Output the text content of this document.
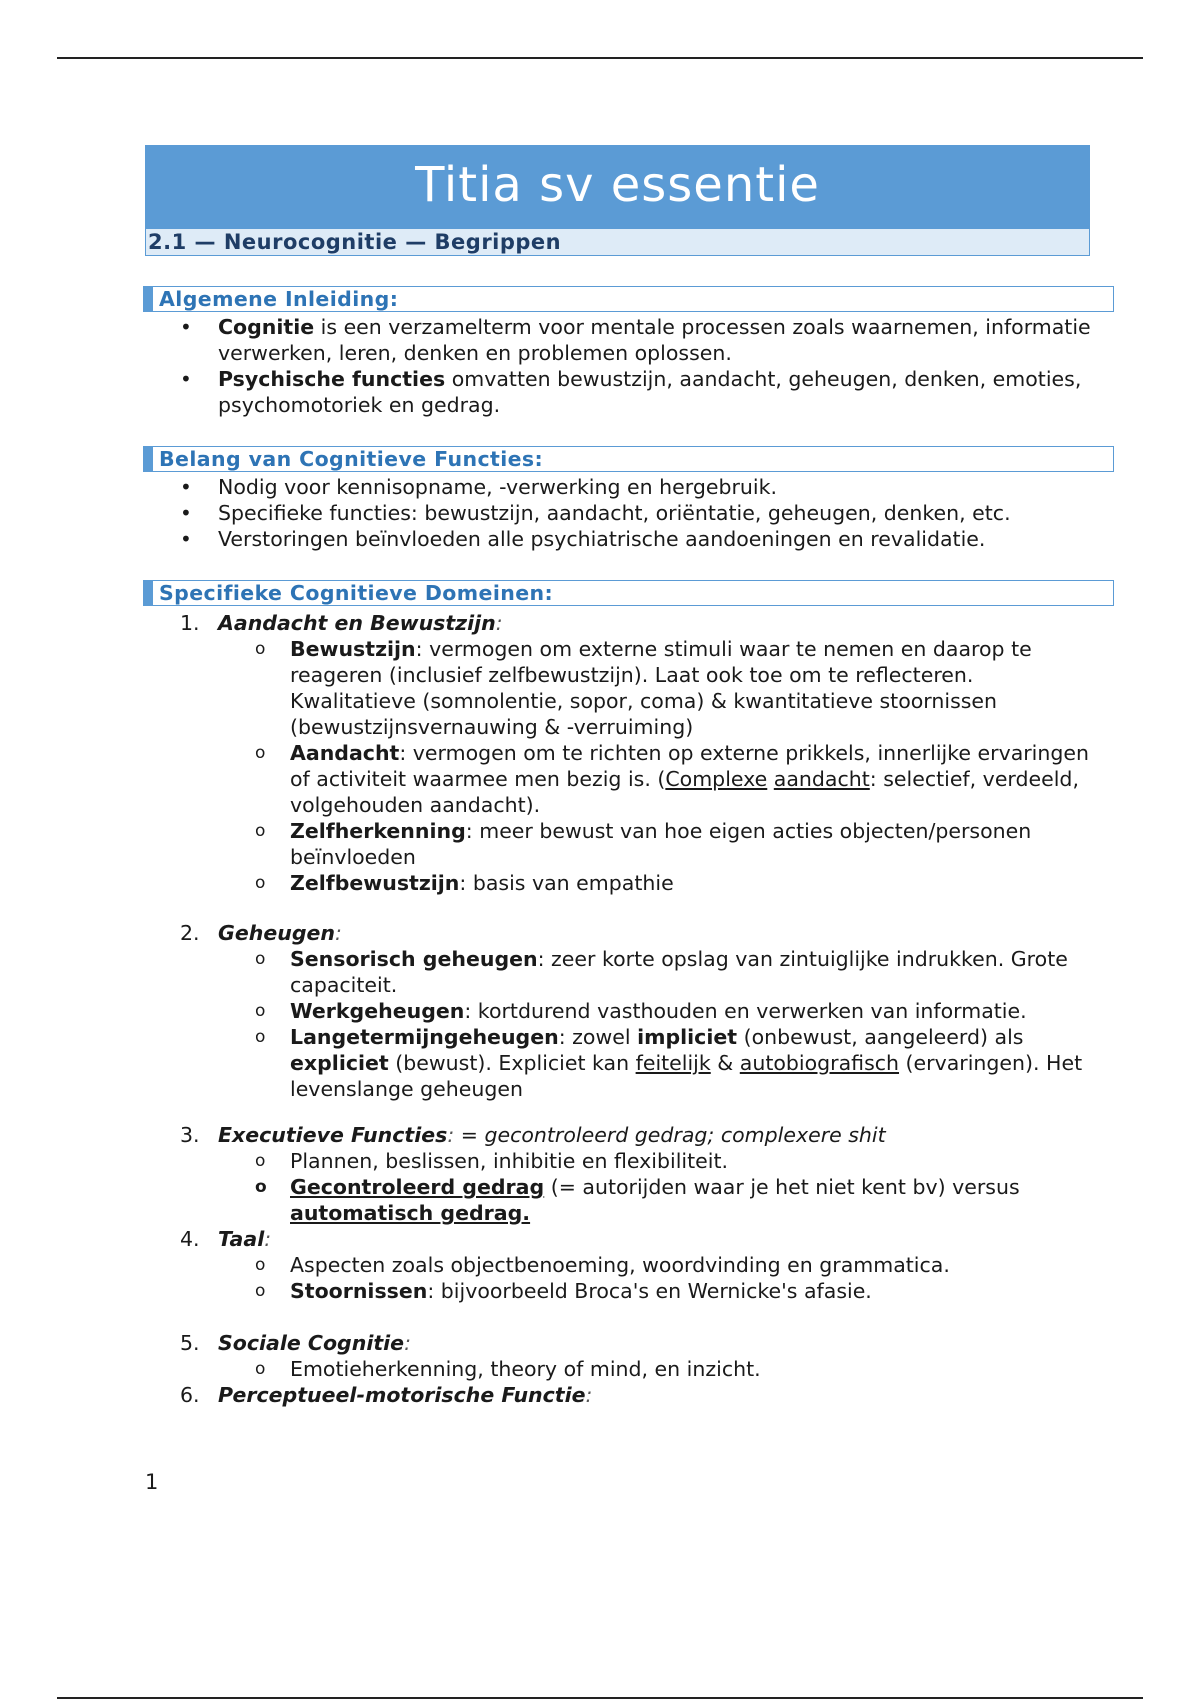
Titia sv essentie
2.1 — Neurocognitie — Begrippen
Algemene Inleiding:
• Cognitie is een verzamelterm voor mentale processen zoals waarnemen, informatie verwerken, leren, denken en problemen oplossen.
• Psychische functies omvatten bewustzijn, aandacht, geheugen, denken, emoties, psychomotoriek en gedrag.
Belang van Cognitieve Functies:
• Nodig voor kennisopname, -verwerking en hergebruik.
• Specifieke functies: bewustzijn, aandacht, oriëntatie, geheugen, denken, etc.
• Verstoringen beïnvloeden alle psychiatrische aandoeningen en revalidatie.
Specifieke Cognitieve Domeinen:
1. Aandacht en Bewustzijn:
o Bewustzijn: vermogen om externe stimuli waar te nemen en daarop te reageren (inclusief zelfbewustzijn). Laat ook toe om te reflecteren. Kwalitatieve (somnolentie, sopor, coma) & kwantitatieve stoornissen (bewustzijnsvernauwing & -verruiming)
o Aandacht: vermogen om te richten op externe prikkels, innerlijke ervaringen of activiteit waarmee men bezig is. (Complexe aandacht: selectief, verdeeld, volgehouden aandacht).
o Zelfherkenning: meer bewust van hoe eigen acties objecten/personen beïnvloeden
o Zelfbewustzijn: basis van empathie
2. Geheugen:
o Sensorisch geheugen: zeer korte opslag van zintuiglijke indrukken. Grote capaciteit.
o Werkgeheugen: kortdurend vasthouden en verwerken van informatie.
o Langetermijngeheugen: zowel impliciet (onbewust, aangeleerd) als expliciet (bewust). Expliciet kan feitelijk & autobiografisch (ervaringen). Het levenslange geheugen
3. Executieve Functies: = gecontroleerd gedrag; complexere shit
o Plannen, beslissen, inhibitie en flexibiliteit.
o Gecontroleerd gedrag (= autorijden waar je het niet kent bv) versus automatisch gedrag.
4. Taal:
o Aspecten zoals objectbenoeming, woordvinding en grammatica.
o Stoornissen: bijvoorbeeld Broca's en Wernicke's afasie.
5. Sociale Cognitie:
o Emotieherkenning, theory of mind, en inzicht.
6. Perceptueel-motorische Functie:
1
